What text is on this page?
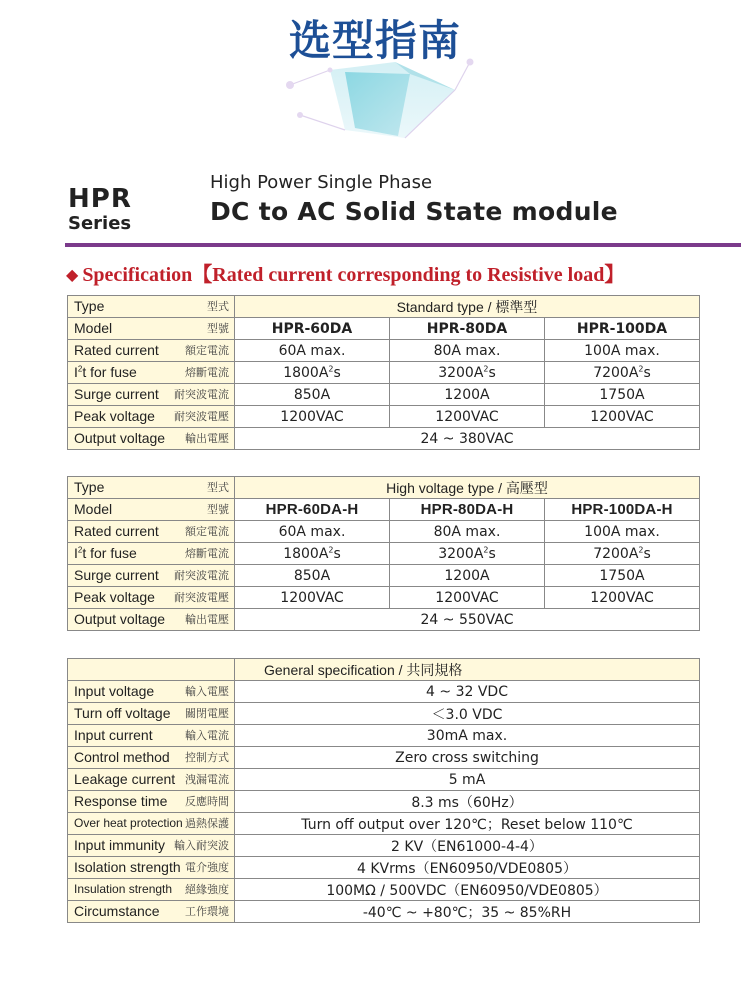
选型指南
HPR
Series
High Power Single Phase
DC to AC Solid State module
◆ Specification【Rated current corresponding to Resistive load】
型式
Type	Standard type / 標準型		

型號
Model	HPR-60DA	HPR-80DA	HPR-100DA

額定電流
Rated current	60A max.	80A max.	100A max.

熔斷電流
$I^2t$ for fuse	$1800A^2s$	$3200A^2s$	$7200A^2s$

耐突波電流
Surge current	850A	1200A	1750A

耐突波電壓
Peak voltage	1200VAC	1200VAC	1200VAC

輸出電壓
Output voltage	24 ~ 380VAC		
型式
Type	High voltage type / 高壓型		

型號
Model	HPR-60DA-H	HPR-80DA-H	HPR-100DA-H

額定電流
Rated current	60A max.	80A max.	100A max.

熔斷電流
$I^2t$ for fuse	$1800A^2s$	$3200A^2s$	$7200A^2s$

耐突波電流
Surge current	850A	1200A	1750A

耐突波電壓
Peak voltage	1200VAC	1200VAC	1200VAC

輸出電壓
Output voltage	24 ~ 550VAC		
	General specification / 共同規格

輸入電壓
Input voltage	4 ~ 32 VDC

關閉電壓
Turn off voltage	＜3.0 VDC

輸入電流
Input current	30mA max.

控制方式
Control method	Zero cross switching

洩漏電流
Leakage current	5 mA

反應時間
Response time	8.3 ms（60Hz）

過熱保護
Over heat protection	Turn off output over 120℃；Reset below 110℃

輸入耐突波
Input immunity	2 KV（EN61000-4-4）

電介強度
Isolation strength	4 KVrms（EN60950/VDE0805）

絕緣強度
Insulation strength	100MΩ / 500VDC（EN60950/VDE0805）

工作環境
Circumstance	-40℃ ~ +80℃；35 ~ 85%RH
